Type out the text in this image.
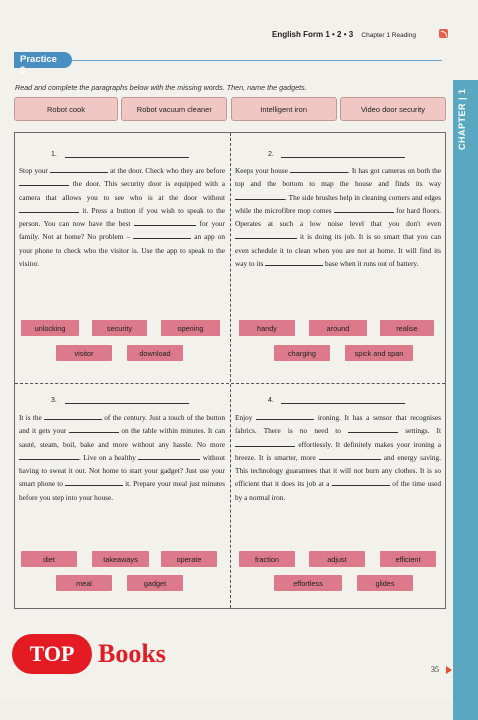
English Form 1 • 2 • 3 Chapter 1 Reading
CHAPTER | 1
Practice 3
Read and complete the paragraphs below with the missing words. Then, name the gadgets.
Robot cook	Robot vacuum cleaner	Intelligent iron	Video door security
1.
Stop your	at the door. Check who they are before  the door. This security door is equipped with a camera that allows you to see who is at the door without  it. Press a button if you wish to speak to the person. You can now have the best	for your family. Not at home? No problem –	an app on your phone to check who the visitor is. Use the app to speak to the visitor.
unlocking	security	opening
visitor	download
2.
Keeps your house	. It has got cameras on both the top and the bottom to map the house and finds its way . The side brushes help in cleaning corners and edges while the microfibre mop comes	for hard floors. Operates at such a low noise level that you don't even  it is doing its job. It is so smart that you can even schedule it to clean when you are not at home. It will find its way to its	base when it runs out of battery.
handy	around	realise
charging	spick and span
3.
It is the	of the century. Just a touch of the button and it gets your	on the table within minutes. It can sauté, steam, boil, bake and more without any hassle. No more . Live on a healthy	without having to sweat it out. Not home to start your gadget? Just use your smart phone to	it. Prepare your meal just minutes before you step into your house.
diet	takeaways	operate
meal	gadget
4.
Enjoy	ironing. It has a sensor that recognises fabrics. There is no need to	settings. It  effortlessly. It definitely makes your ironing a breeze. It is smarter, more	and energy saving. This technology guarantees that it will not burn any clothes. It is so efficient that it does its job at a	of the time used by a normal iron.
fraction	adjust	efficient
effortless	glides
TOP Books
35
